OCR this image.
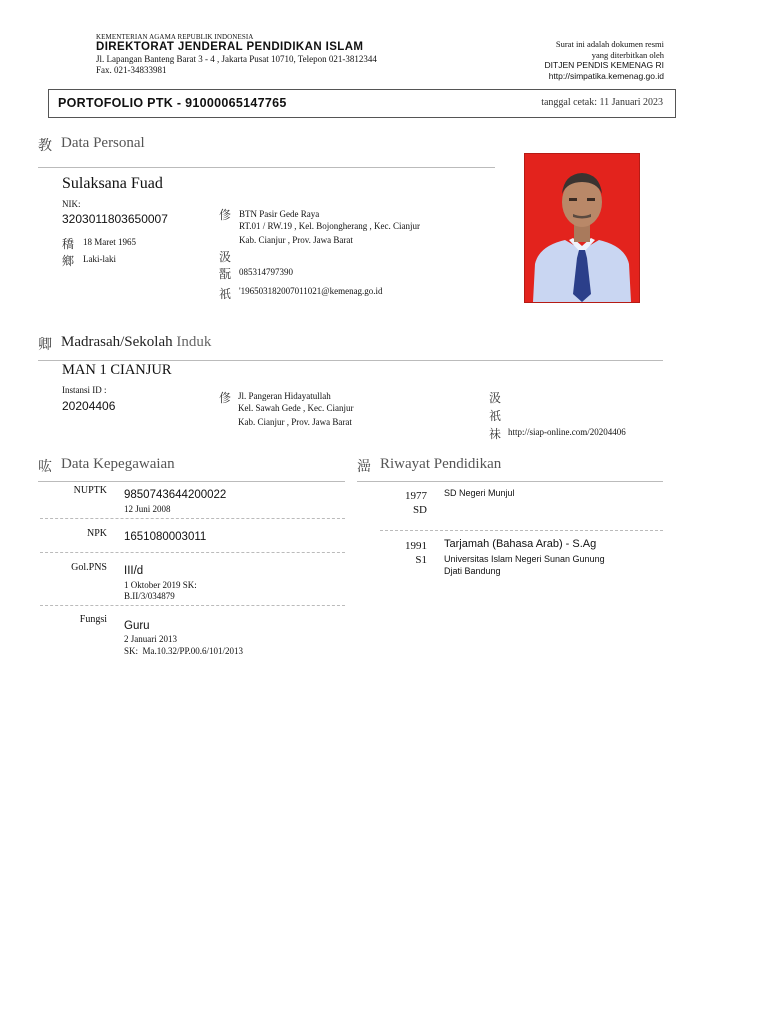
KEMENTERIAN AGAMA REPUBLIK INDONESIA
DIREKTORAT JENDERAL PENDIDIKAN ISLAM
Jl. Lapangan Banteng Barat 3 - 4 , Jakarta Pusat 10710, Telepon 021-3812344
Fax. 021-34833981
Surat ini adalah dokumen resmi
yang diterbitkan oleh
DITJEN PENDIS KEMENAG RI
http://simpatika.kemenag.go.id
PORTOFOLIO PTK - 91000065147765	tanggal cetak: 11 Januari 2023
教 Data Personal
Sulaksana Fuad
NIK:
3203011803650007
穚 18 Maret 1965
鄉 Laki-laki
俢 BTN Pasir Gede Raya
RT.01 / RW.19 , Kel. Bojongherang , Kec. Cianjur
Kab. Cianjur , Prov. Jawa Barat
汲
翫 085314797390
祇 '196503182007011021@kemenag.go.id
卿 Madrasah/Sekolah Induk
MAN 1 CIANJUR
Instansi ID :
20204406
俢 Jl. Pangeran Hidayatullah
Kel. Sawah Gede , Kec. Cianjur
Kab. Cianjur , Prov. Jawa Barat
汲
祇
祙 http://siap-online.com/20204406
吰 Data Kepegawaian
NUPTK 9850743644200022
12 Juni 2008
NPK 1651080003011
Gol.PNS III/d
1 Oktober 2019 SK:
B.II/3/034879
Fungsi
Guru
2 Januari 2013
SK:  Ma.10.32/PP.00.6/101/2013
澏 Riwayat Pendidikan
1977
SD
SD Negeri Munjul
1991
S1
Tarjamah (Bahasa Arab) - S.Ag
Universitas Islam Negeri Sunan Gunung
Djati Bandung
